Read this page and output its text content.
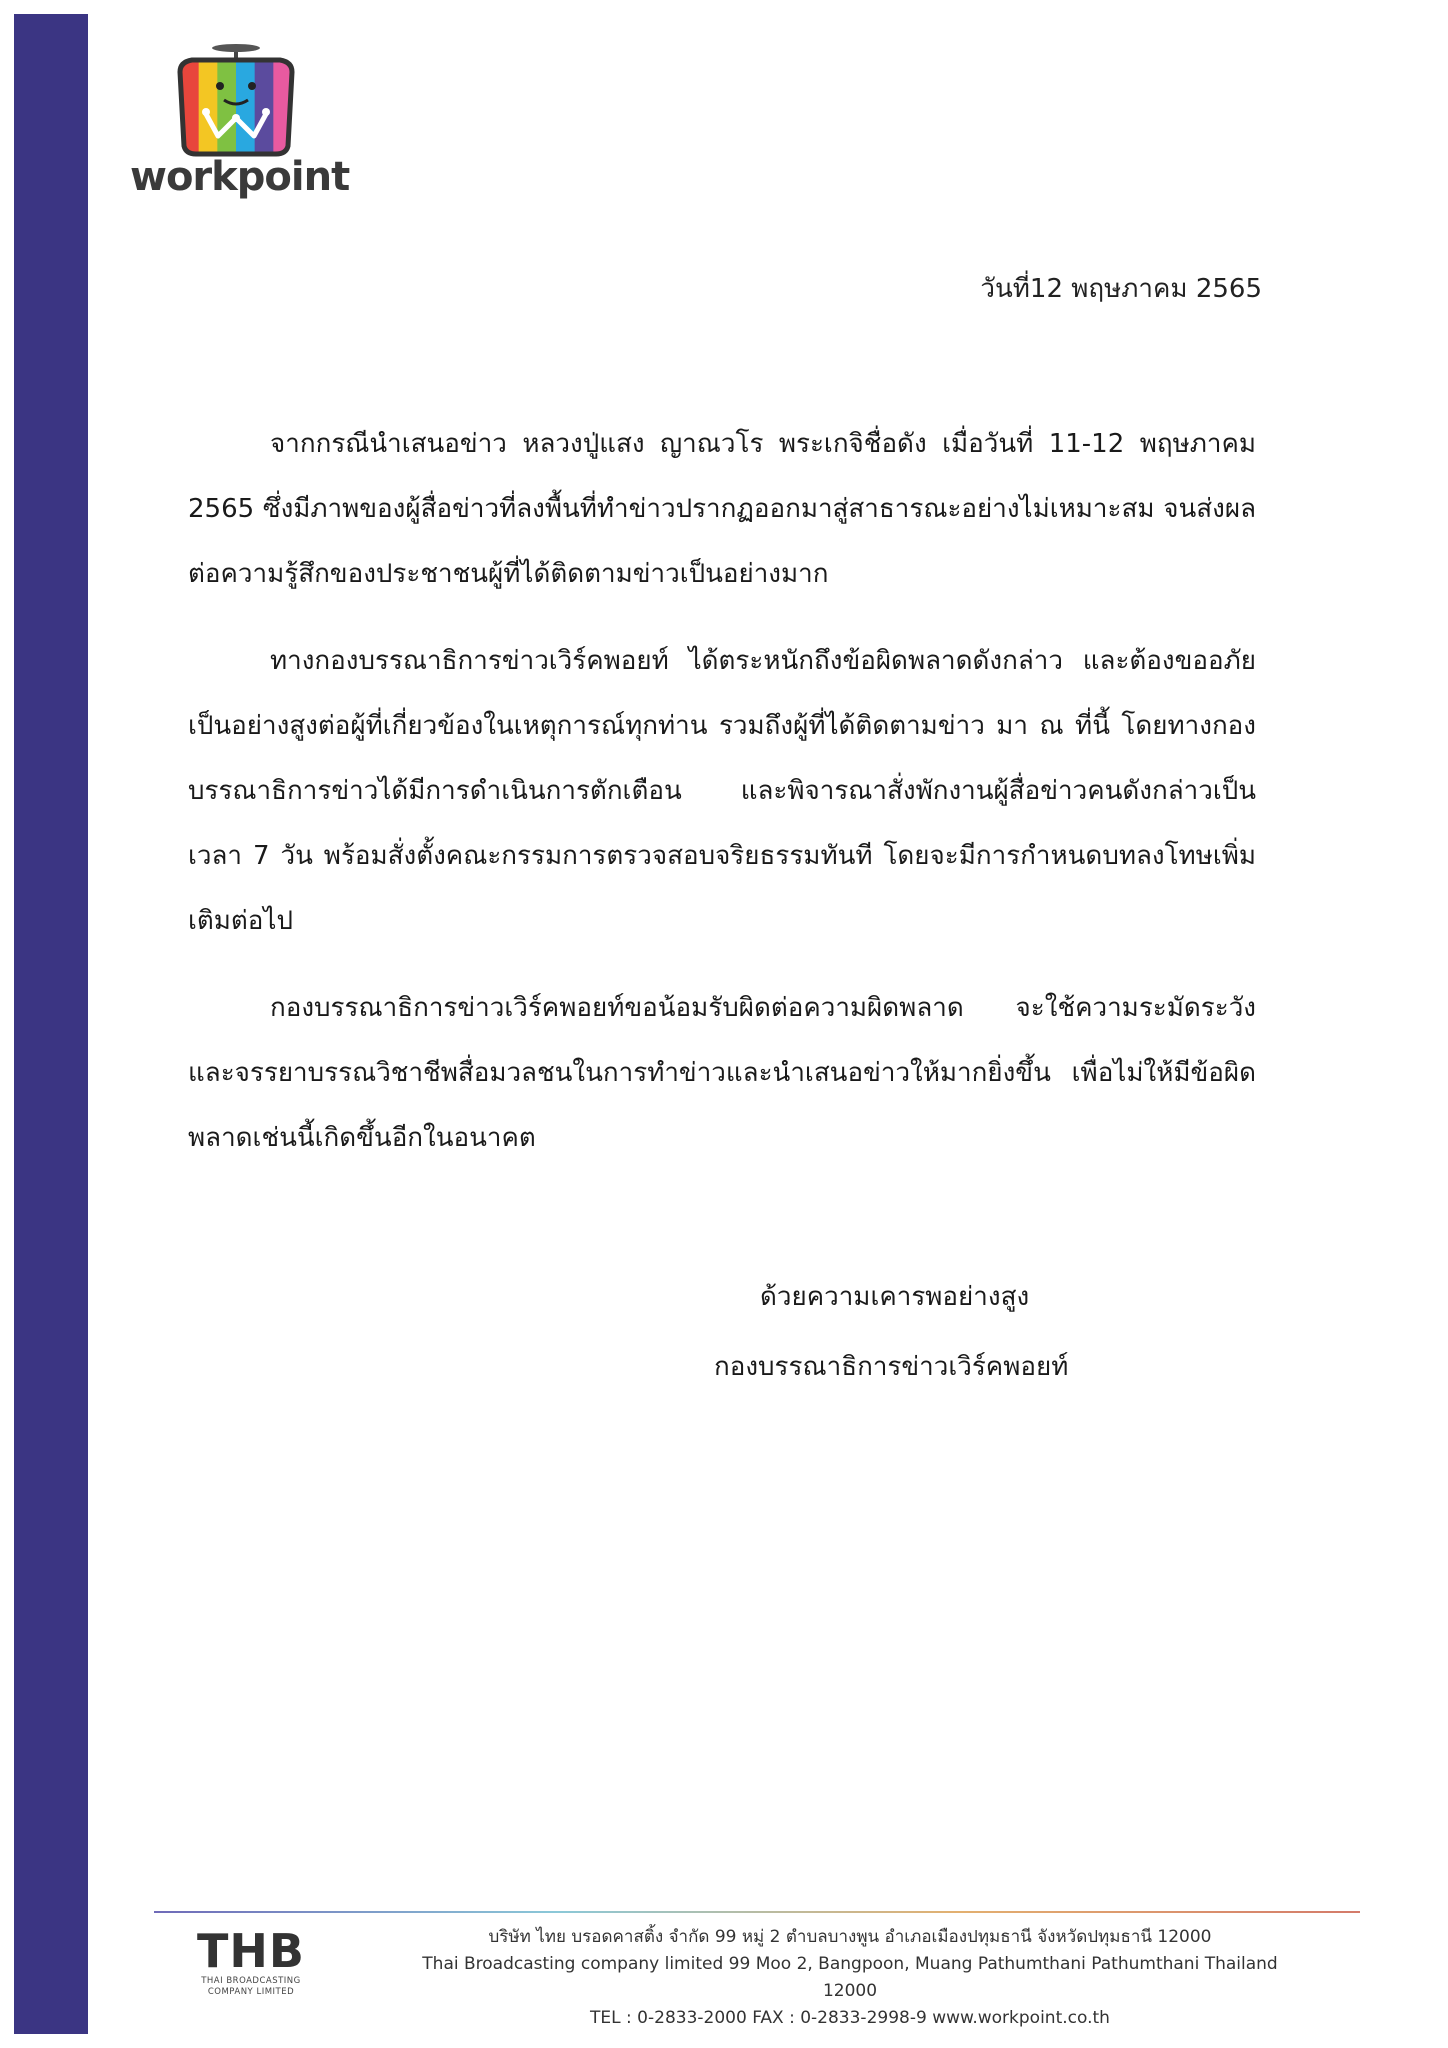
workpoint
วันที่12 พฤษภาคม 2565

จากกรณีนำเสนอข่าว หลวงปู่แสง ญาณวโร พระเกจิชื่อดัง เมื่อวันที่ 11-12 พฤษภาคม 2565 ซึ่งมีภาพของผู้สื่อข่าวที่ลงพื้นที่ทำข่าวปรากฏออกมาสู่สาธารณะอย่างไม่เหมาะสม จนส่งผลต่อความรู้สึกของประชาชนผู้ที่ได้ติดตามข่าวเป็นอย่างมาก

ทางกองบรรณาธิการข่าวเวิร์คพอยท์ ได้ตระหนักถึงข้อผิดพลาดดังกล่าว และต้องขออภัยเป็นอย่างสูงต่อผู้ที่เกี่ยวข้องในเหตุการณ์ทุกท่าน รวมถึงผู้ที่ได้ติดตามข่าว มา ณ ที่นี้ โดยทางกองบรรณาธิการข่าวได้มีการดำเนินการตักเตือน และพิจารณาสั่งพักงานผู้สื่อข่าวคนดังกล่าวเป็นเวลา 7 วัน พร้อมสั่งตั้งคณะกรรมการตรวจสอบจริยธรรมทันที โดยจะมีการกำหนดบทลงโทษเพิ่มเติมต่อไป

กองบรรณาธิการข่าวเวิร์คพอยท์ขอน้อมรับผิดต่อความผิดพลาด จะใช้ความระมัดระวังและจรรยาบรรณวิชาชีพสื่อมวลชนในการทำข่าวและนำเสนอข่าวให้มากยิ่งขึ้น เพื่อไม่ให้มีข้อผิดพลาดเช่นนี้เกิดขึ้นอีกในอนาคต

ด้วยความเคารพอย่างสูง
กองบรรณาธิการข่าวเวิร์คพอยท์
THB
THAI BROADCASTING
COMPANY LIMITED
บริษัท ไทย บรอดคาสติ้ง จำกัด 99 หมู่ 2 ตำบลบางพูน อำเภอเมืองปทุมธานี จังหวัดปทุมธานี 12000
Thai Broadcasting company limited 99 Moo 2, Bangpoon, Muang Pathumthani Pathumthani Thailand 12000
TEL : 0-2833-2000 FAX : 0-2833-2998-9 www.workpoint.co.th
